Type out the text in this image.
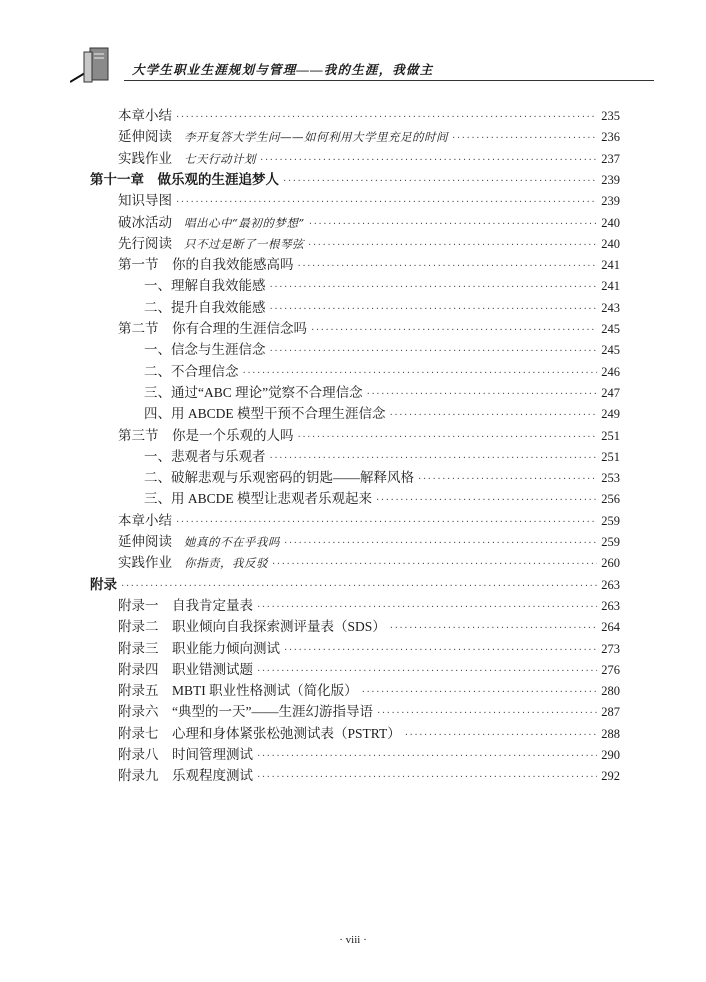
大学生职业生涯规划与管理——我的生涯，我做主
本章小结 ·····	235
延伸阅读 李开复答大学生问——如何利用大学里充足的时间 ·····	236
实践作业 七天行动计划 ·····	237
第十一章　做乐观的生涯追梦人 ·····	239
知识导图 ·····	239
破冰活动 唱出心中“最初的梦想” ·····	240
先行阅读 只不过是断了一根琴弦 ·····	240
第一节　你的自我效能感高吗 ·····	241
一、理解自我效能感 ·····	241
二、提升自我效能感 ·····	243
第二节　你有合理的生涯信念吗 ·····	245
一、信念与生涯信念 ·····	245
二、不合理信念 ·····	246
三、通过“ABC 理论”觉察不合理信念 ·····	247
四、用 ABCDE 模型干预不合理生涯信念 ·····	249
第三节　你是一个乐观的人吗 ·····	251
一、悲观者与乐观者 ·····	251
二、破解悲观与乐观密码的钥匙——解释风格 ·····	253
三、用 ABCDE 模型让悲观者乐观起来 ·····	256
本章小结 ·····	259
延伸阅读 她真的不在乎我吗 ·····	259
实践作业 你指责，我反驳 ·····	260
附录 ·····	263
附录一　自我肯定量表 ·····	263
附录二　职业倾向自我探索测评量表（SDS） ·····	264
附录三　职业能力倾向测试 ·····	273
附录四　职业错测试题 ·····	276
附录五　MBTI 职业性格测试（简化版） ·····	280
附录六　“典型的一天”——生涯幻游指导语 ·····	287
附录七　心理和身体紧张松弛测试表（PSTRT） ·····	288
附录八　时间管理测试 ·····	290
附录九　乐观程度测试 ·····	292
· viii ·
